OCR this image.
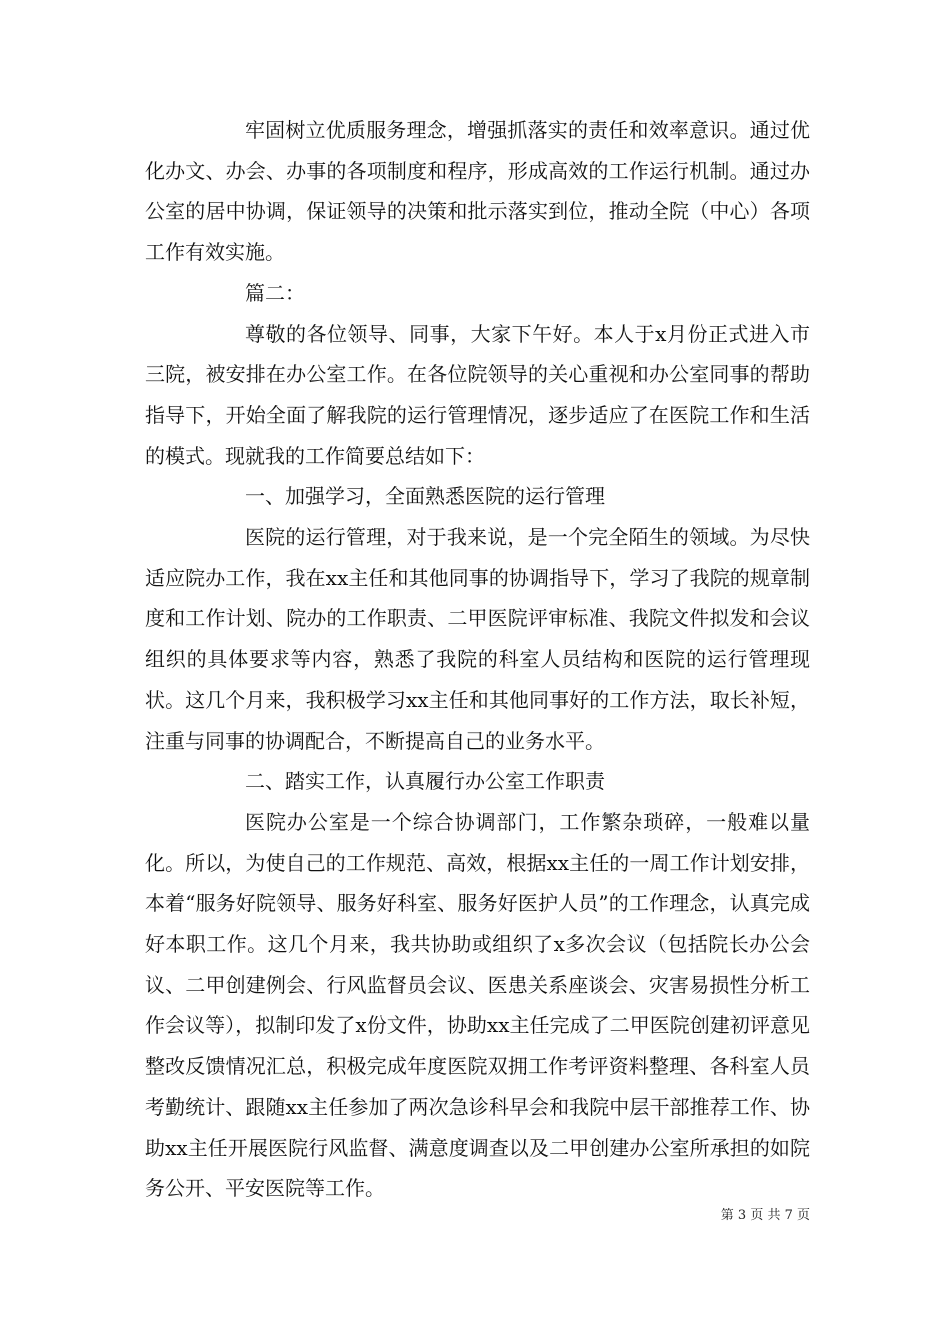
牢固树立优质服务理念，增强抓落实的责任和效率意识。通过优化办文、办会、办事的各项制度和程序，形成高效的工作运行机制。通过办公室的居中协调，保证领导的决策和批示落实到位，推动全院（中心）各项工作有效实施。

篇二：

尊敬的各位领导、同事，大家下午好。本人于x月份正式进入市三院，被安排在办公室工作。在各位院领导的关心重视和办公室同事的帮助指导下，开始全面了解我院的运行管理情况，逐步适应了在医院工作和生活的模式。现就我的工作简要总结如下：

一、加强学习，全面熟悉医院的运行管理

医院的运行管理，对于我来说，是一个完全陌生的领域。为尽快适应院办工作，我在xx主任和其他同事的协调指导下，学习了我院的规章制度和工作计划、院办的工作职责、二甲医院评审标准、我院文件拟发和会议组织的具体要求等内容，熟悉了我院的科室人员结构和医院的运行管理现状。这几个月来，我积极学习xx主任和其他同事好的工作方法，取长补短，注重与同事的协调配合，不断提高自己的业务水平。

二、踏实工作，认真履行办公室工作职责

医院办公室是一个综合协调部门，工作繁杂琐碎，一般难以量化。所以，为使自己的工作规范、高效，根据xx主任的一周工作计划安排，本着“服务好院领导、服务好科室、服务好医护人员”的工作理念，认真完成好本职工作。这几个月来，我共协助或组织了x多次会议（包括院长办公会议、二甲创建例会、行风监督员会议、医患关系座谈会、灾害易损性分析工作会议等），拟制印发了x份文件，协助xx主任完成了二甲医院创建初评意见整改反馈情况汇总，积极完成年度医院双拥工作考评资料整理、各科室人员考勤统计、跟随xx主任参加了两次急诊科早会和我院中层干部推荐工作、协助xx主任开展医院行风监督、满意度调查以及二甲创建办公室所承担的如院务公开、平安医院等工作。

第 3 页 共 7 页
